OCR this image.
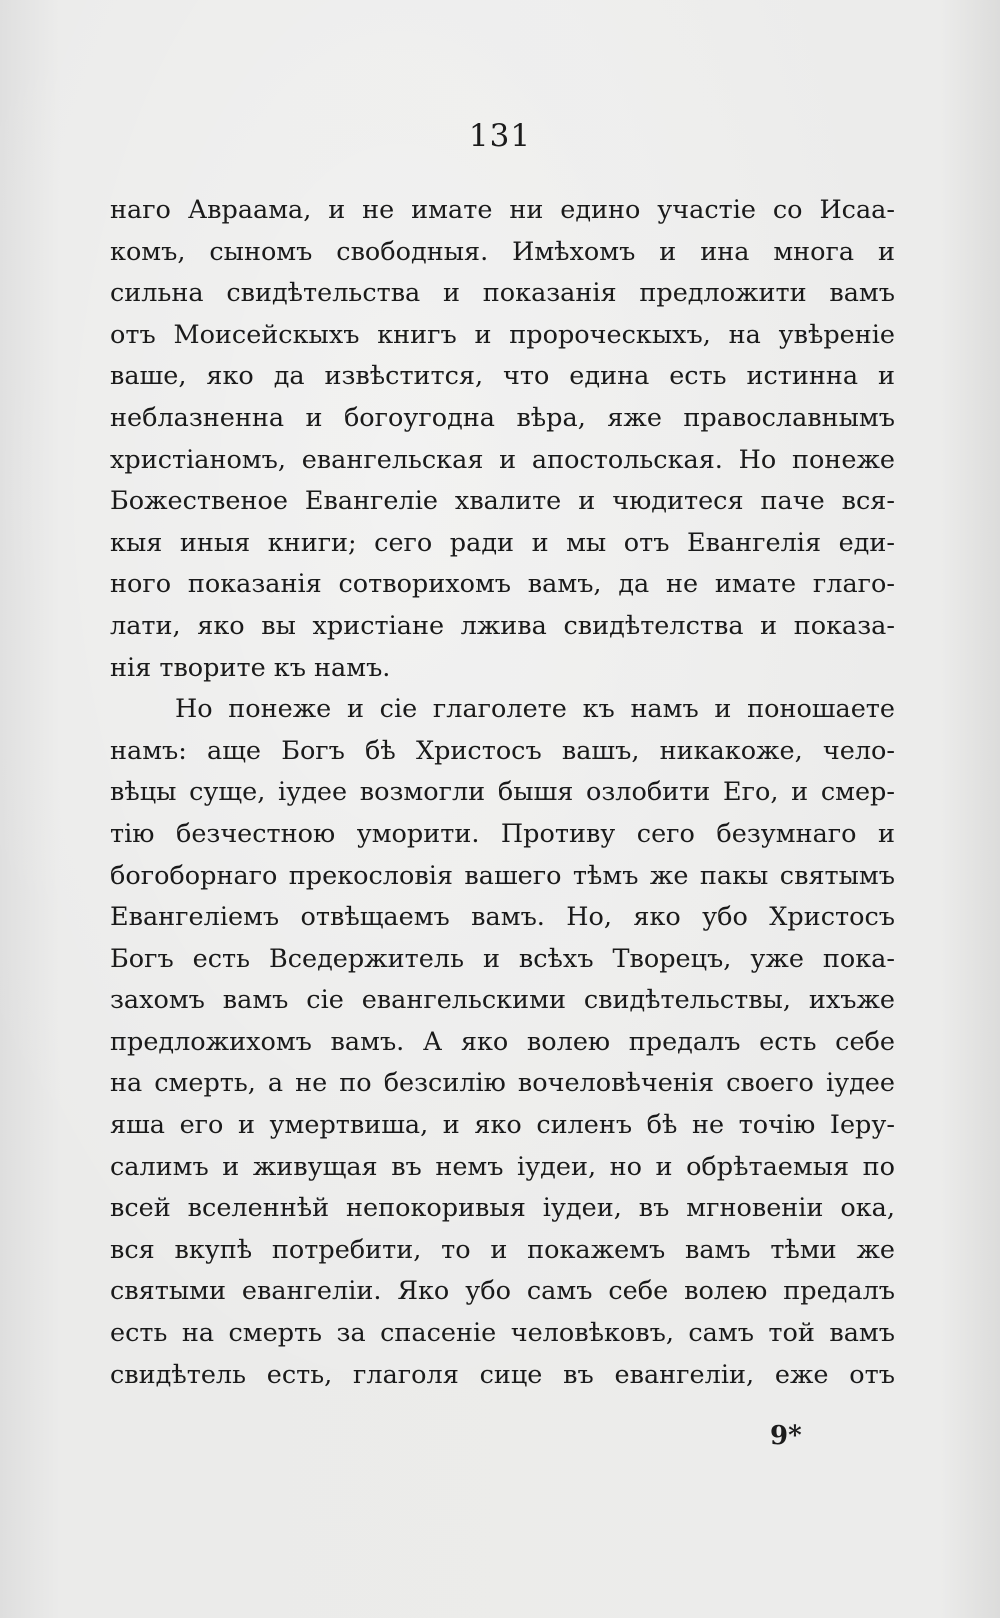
131
наго Авраама, и не имате ни едино участіе со Исаа-
комъ, сыномъ свободныя. Имѣхомъ и ина многа и
сильна свидѣтельства и показанія предложити вамъ
отъ Моисейскыхъ книгъ и пророческыхъ, на увѣреніе
ваше, яко да извѣстится, что едина есть истинна и
неблазненна и богоугодна вѣра, яже православнымъ
христіаномъ, евангельская и апостольская. Но понеже
Божественое Евангеліе хвалите и чюдитеся паче вся-
кыя иныя книги; сего ради и мы отъ Евангелія еди-
ного показанія сотворихомъ вамъ, да не имате глаго-
лати, яко вы христіане лжива свидѣтелства и показа-
нія творите къ намъ.
Но понеже и сіе глаголете къ намъ и поношаете
намъ: аще Богъ бѣ Христосъ вашъ, никакоже, чело-
вѣцы суще, іудее возмогли бышя озлобити Его, и смер-
тію безчестною уморити. Противу сего безумнаго и
богоборнаго прекословія вашего тѣмъ же пакы святымъ
Евангеліемъ отвѣщаемъ вамъ. Но, яко убо Христосъ
Богъ есть Вседержитель и всѣхъ Творецъ, уже пока-
захомъ вамъ сіе евангельскими свидѣтельствы, ихъже
предложихомъ вамъ. А яко волею предалъ есть себе
на смерть, а не по безсилію вочеловѣченія своего іудее
яша его и умертвиша, и яко силенъ бѣ не точію Іеру-
салимъ и живущая въ немъ іудеи, но и обрѣтаемыя по
всей вселеннѣй непокоривыя іудеи, въ мгновеніи ока,
вся вкупѣ потребити, то и покажемъ вамъ тѣми же
святыми евангеліи. Яко убо самъ себе волею предалъ
есть на смерть за спасеніе человѣковъ, самъ той вамъ
свидѣтель есть, глаголя сице въ евангеліи, еже отъ
9*
